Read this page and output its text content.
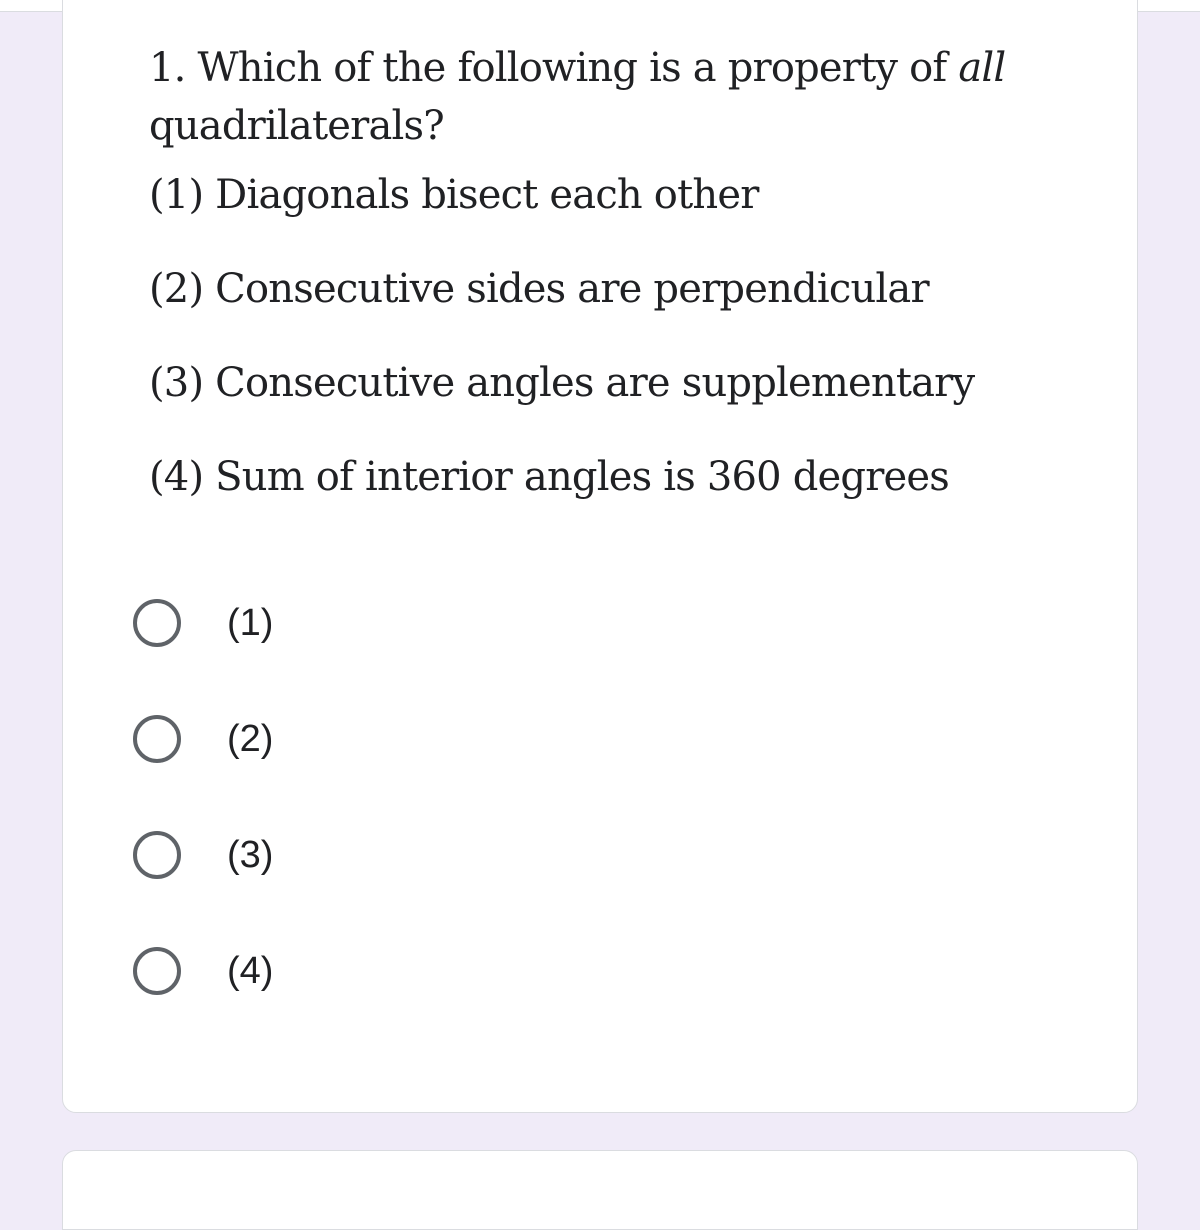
1. Which of the following is a property of all quadrilaterals?

(1) Diagonals bisect each other

(2) Consecutive sides are perpendicular

(3) Consecutive angles are supplementary

(4) Sum of interior angles is 360 degrees

(1)
(2)
(3)
(4)
